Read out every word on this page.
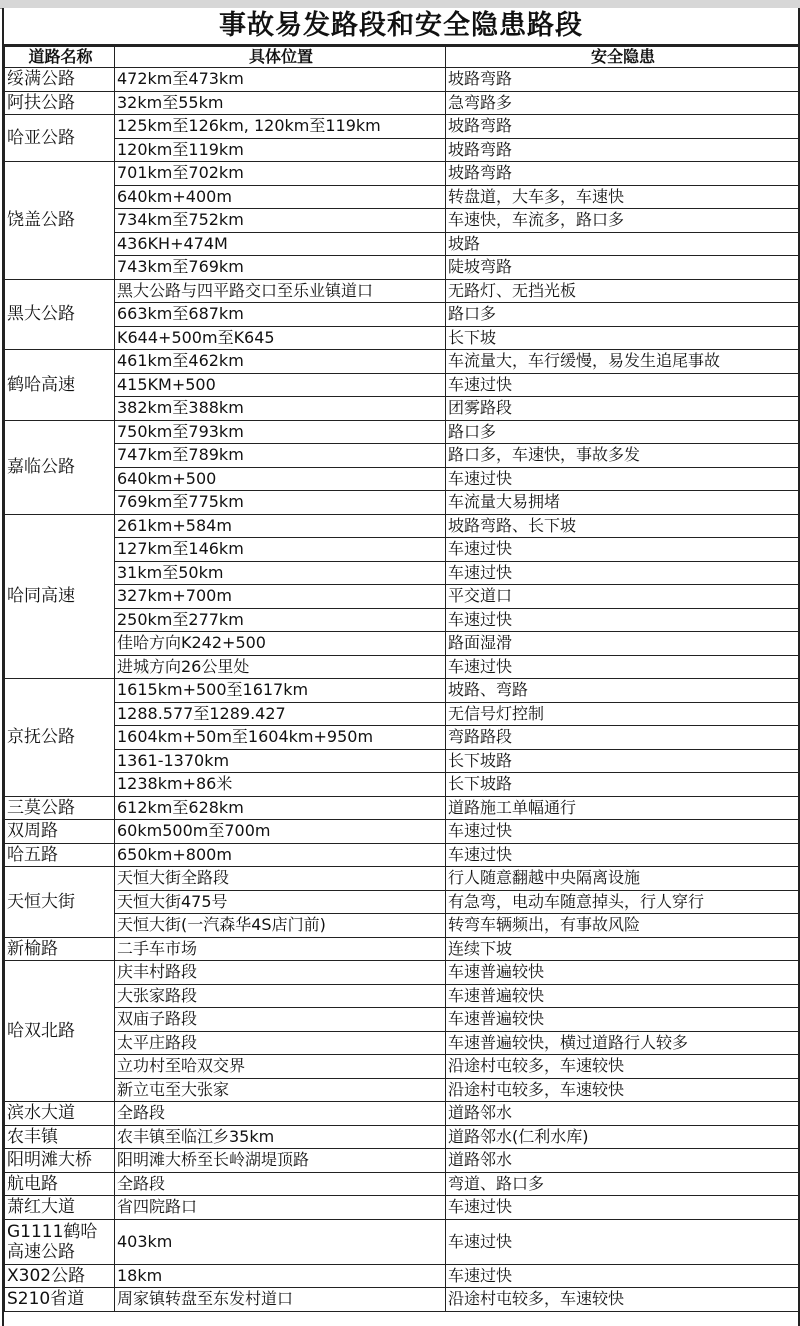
事故易发路段和安全隐患路段
道路名称	具体位置	安全隐患
绥满公路	472km至473km	坡路弯路
阿扶公路	32km至55km	急弯路多
哈亚公路	125km至126km, 120km至119km	坡路弯路
	120km至119km	坡路弯路
饶盖公路	701km至702km	坡路弯路
	640km+400m	转盘道，大车多，车速快
	734km至752km	车速快，车流多，路口多
	436KH+474M	坡路
	743km至769km	陡坡弯路
黑大公路	黑大公路与四平路交口至乐业镇道口	无路灯、无挡光板
	663km至687km	路口多
	K644+500m至K645	长下坡
鹤哈高速	461km至462km	车流量大，车行缓慢，易发生追尾事故
	415KM+500	车速过快
	382km至388km	团雾路段
嘉临公路	750km至793km	路口多
	747km至789km	路口多，车速快，事故多发
	640km+500	车速过快
	769km至775km	车流量大易拥堵
哈同高速	261km+584m	坡路弯路、长下坡
	127km至146km	车速过快
	31km至50km	车速过快
	327km+700m	平交道口
	250km至277km	车速过快
	佳哈方向K242+500	路面湿滑
	进城方向26公里处	车速过快
京抚公路	1615km+500至1617km	坡路、弯路
	1288.577至1289.427	无信号灯控制
	1604km+50m至1604km+950m	弯路路段
	1361-1370km	长下坡路
	1238km+86米	长下坡路
三莫公路	612km至628km	道路施工单幅通行
双周路	60km500m至700m	车速过快
哈五路	650km+800m	车速过快
天恒大街	天恒大街全路段	行人随意翻越中央隔离设施
	天恒大街475号	有急弯，电动车随意掉头，行人穿行
	天恒大街(一汽森华4S店门前)	转弯车辆频出，有事故风险
新榆路	二手车市场	连续下坡
哈双北路	庆丰村路段	车速普遍较快
	大张家路段	车速普遍较快
	双庙子路段	车速普遍较快
	太平庄路段	车速普遍较快，横过道路行人较多
	立功村至哈双交界	沿途村屯较多，车速较快
	新立屯至大张家	沿途村屯较多，车速较快
滨水大道	全路段	道路邻水
农丰镇	农丰镇至临江乡35km	道路邻水(仁利水库)
阳明滩大桥	阳明滩大桥至长岭湖堤顶路	道路邻水
航电路	全路段	弯道、路口多
萧红大道	省四院路口	车速过快
G1111鹤哈高速公路	403km	车速过快
X302公路	18km	车速过快
S210省道	周家镇转盘至东发村道口	沿途村屯较多，车速较快
